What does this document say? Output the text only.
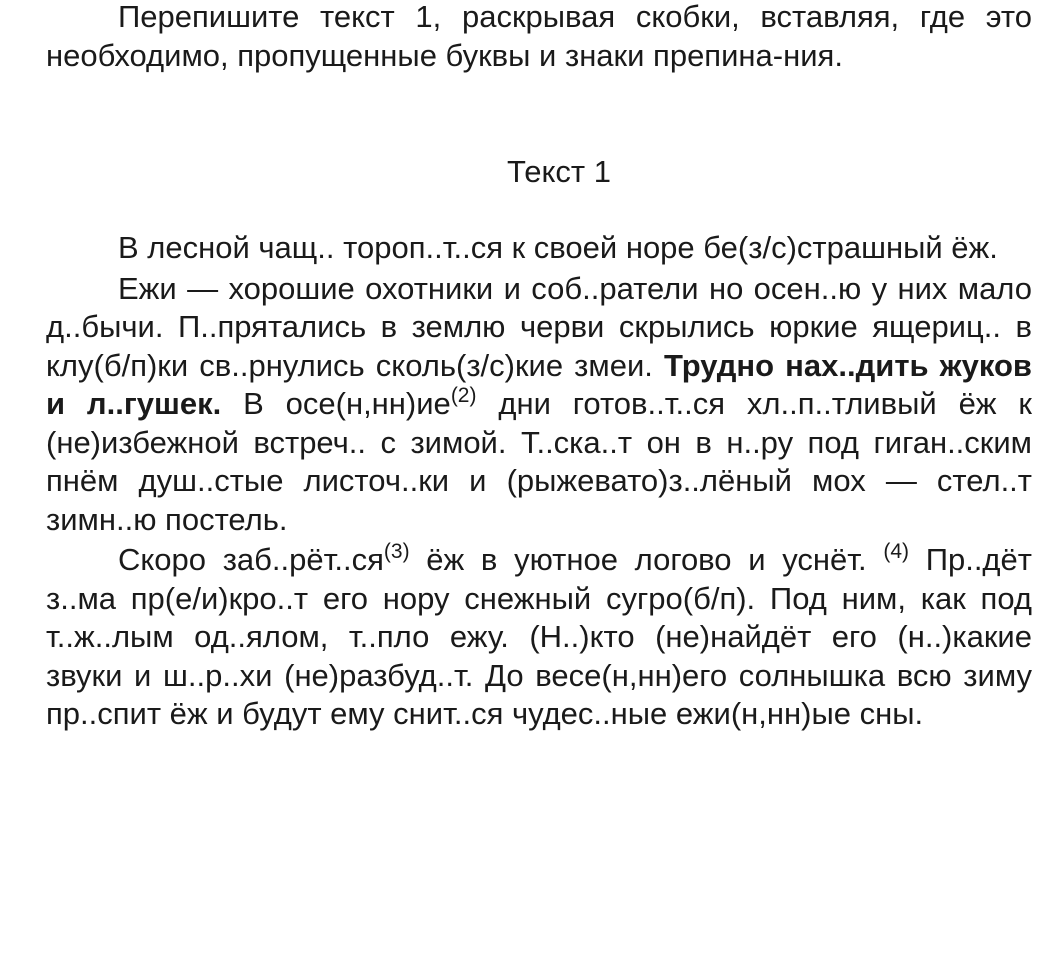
Перепишите текст 1, раскрывая скобки, вставляя, где это необходимо, пропущенные буквы и знаки препина-ния.

Текст 1

В лесной чащ.. тороп..т..ся к своей норе бе(з/с)страшный ёж.

Ежи — хорошие охотники и соб..ратели но осен..ю у них мало д..бычи. П..прятались в землю черви скрылись юркие ящериц.. в клу(б/п)ки св..рнулись сколь(з/с)кие змеи. Трудно нах..дить жуков и л..гушек. В $осе(н,нн)ие^{(2)}$ дни готов..т..ся хл..п..тливый ёж к (не)избежной встреч.. с зимой. Т..ска..т он в н..ру под гиган..ским пнём душ..стые листоч..ки и (рыжевато)з..лёный мох — стел..т зимн..ю постель.

Скоро $заб..рёт..ся^{(3)}$ ёж в уютное логово и уснёт. $^{(4)}$ Пр..дёт з..ма пр(е/и)кро..т его нору снежный сугро(б/п). Под ним, как под т..ж..лым од..ялом, т..пло ежу. (Н..)кто (не)найдёт его (н..)какие звуки и ш..р..хи (не)разбуд..т. До весе(н,нн)его солнышка всю зиму пр..спит ёж и будут ему снит..ся чудес..ные ежи(н,нн)ые сны.
